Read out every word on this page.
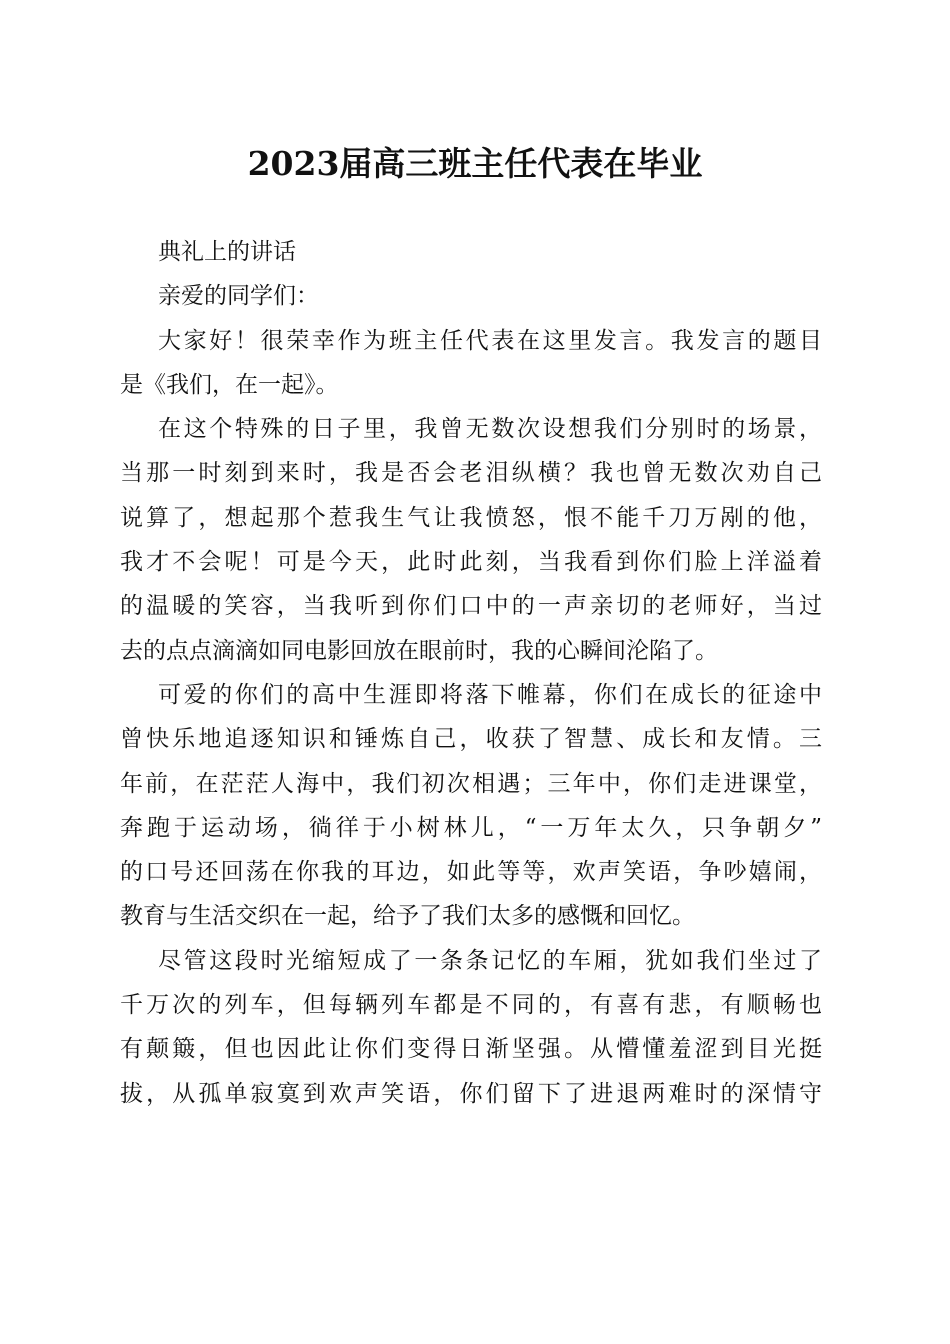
2023届高三班主任代表在毕业
典礼上的讲话
亲爱的同学们：
大家好！很荣幸作为班主任代表在这里发言。我发言的题目
是《我们，在一起》。
在这个特殊的日子里，我曾无数次设想我们分别时的场景，
当那一时刻到来时，我是否会老泪纵横？我也曾无数次劝自己
说算了，想起那个惹我生气让我愤怒，恨不能千刀万剐的他，
我才不会呢！可是今天，此时此刻，当我看到你们脸上洋溢着
的温暖的笑容，当我听到你们口中的一声亲切的老师好，当过
去的点点滴滴如同电影回放在眼前时，我的心瞬间沦陷了。
可爱的你们的高中生涯即将落下帷幕，你们在成长的征途中
曾快乐地追逐知识和锤炼自己，收获了智慧、成长和友情。三
年前，在茫茫人海中，我们初次相遇；三年中，你们走进课堂，
奔跑于运动场，徜徉于小树林儿，“一万年太久，只争朝夕”
的口号还回荡在你我的耳边，如此等等，欢声笑语，争吵嬉闹，
教育与生活交织在一起，给予了我们太多的感慨和回忆。
尽管这段时光缩短成了一条条记忆的车厢，犹如我们坐过了
千万次的列车，但每辆列车都是不同的，有喜有悲，有顺畅也
有颠簸，但也因此让你们变得日渐坚强。从懵懂羞涩到目光挺
拔，从孤单寂寞到欢声笑语，你们留下了进退两难时的深情守
